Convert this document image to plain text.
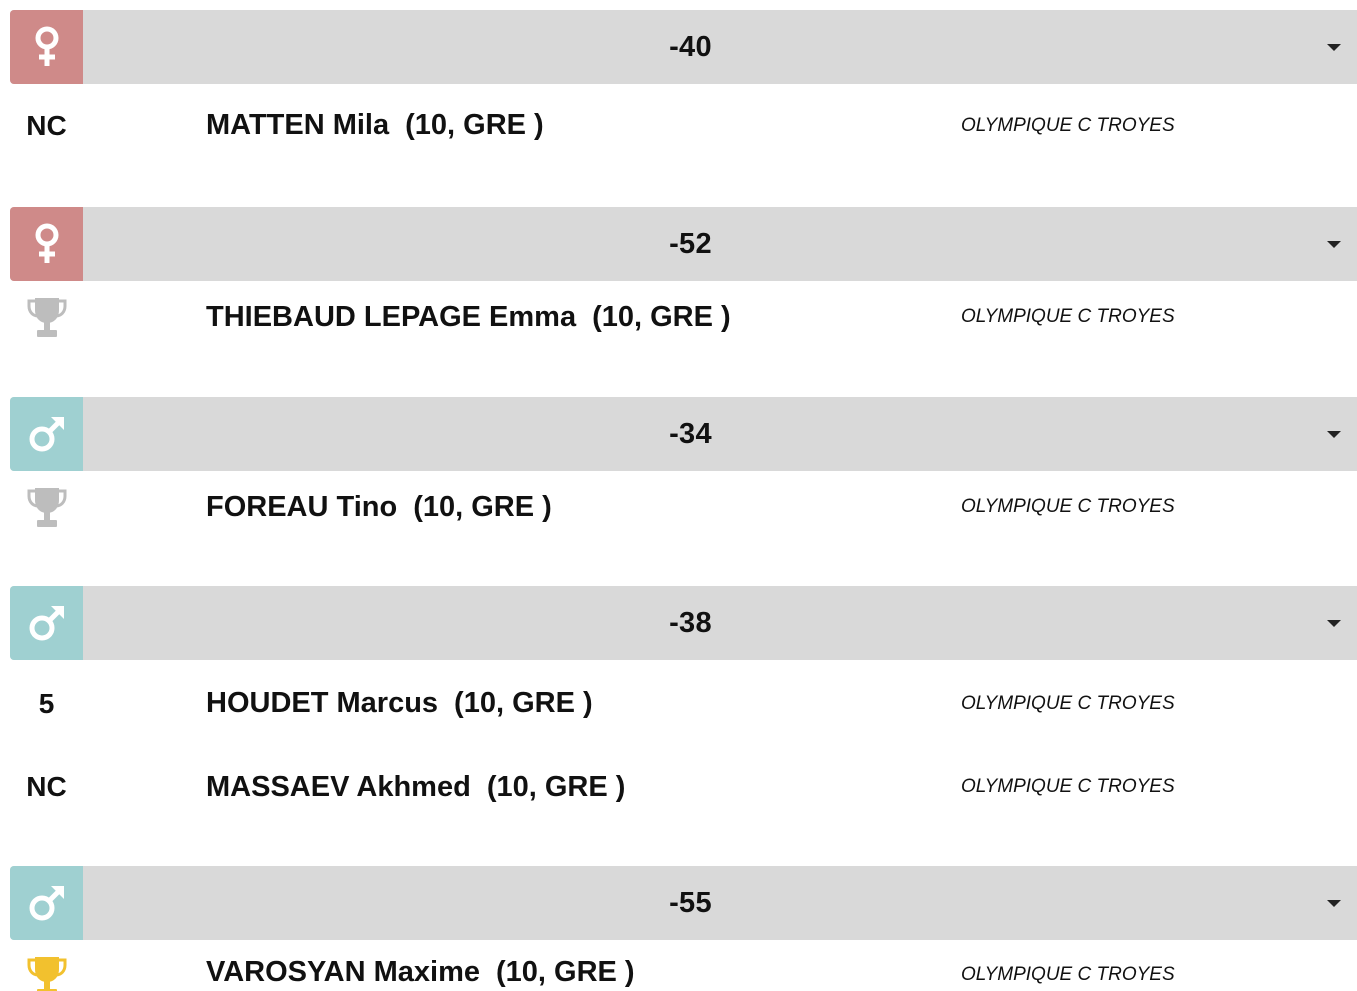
-40
NC	MATTEN Mila (10, GRE )	OLYMPIQUE C TROYES
-52
THIEBAUD LEPAGE Emma (10, GRE )	OLYMPIQUE C TROYES
-34
FOREAU Tino (10, GRE )	OLYMPIQUE C TROYES
-38
5	HOUDET Marcus (10, GRE )	OLYMPIQUE C TROYES
NC	MASSAEV Akhmed (10, GRE )	OLYMPIQUE C TROYES
-55
VAROSYAN Maxime (10, GRE )	OLYMPIQUE C TROYES
